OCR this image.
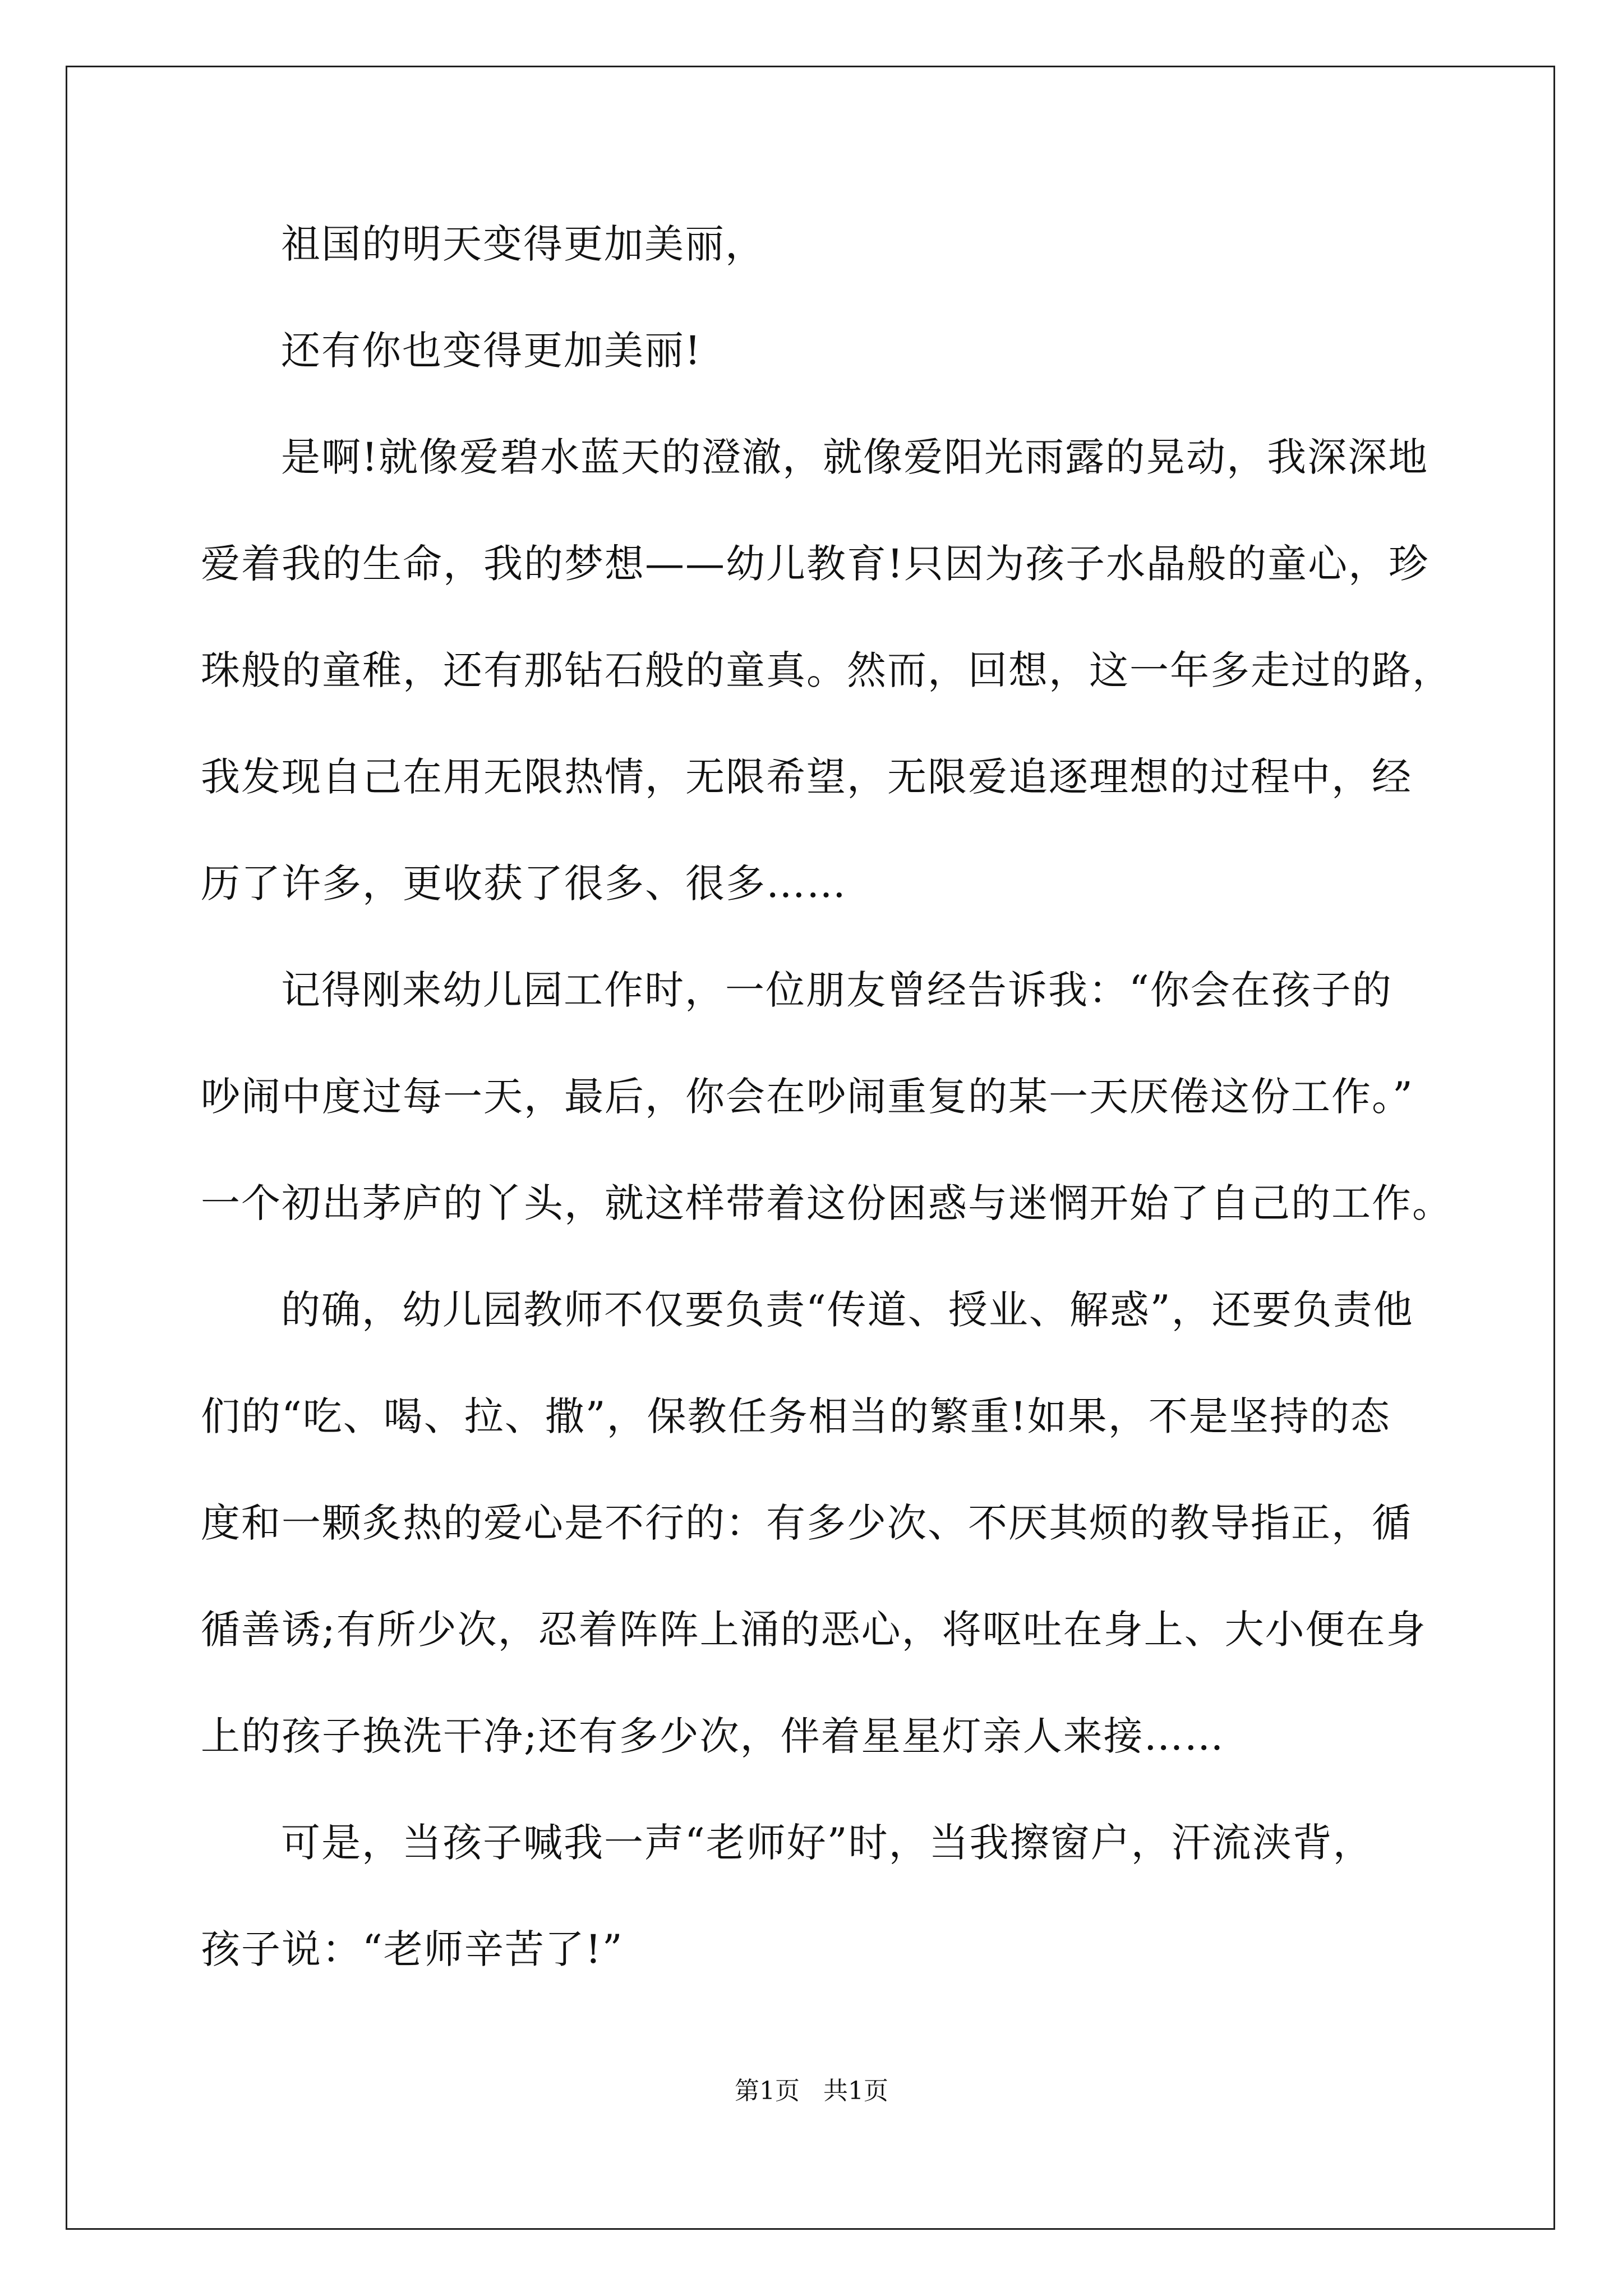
祖国的明天变得更加美丽，
还有你也变得更加美丽!
是啊!就像爱碧水蓝天的澄澈，就像爱阳光雨露的晃动，我深深地
爱着我的生命，我的梦想——幼儿教育!只因为孩子水晶般的童心，珍
珠般的童稚，还有那钻石般的童真。然而，回想，这一年多走过的路，
我发现自己在用无限热情，无限希望，无限爱追逐理想的过程中，经
历了许多，更收获了很多、很多……
记得刚来幼儿园工作时，一位朋友曾经告诉我：“你会在孩子的
吵闹中度过每一天，最后，你会在吵闹重复的某一天厌倦这份工作。”
一个初出茅庐的丫头，就这样带着这份困惑与迷惘开始了自己的工作。
的确，幼儿园教师不仅要负责“传道、授业、解惑”，还要负责他
们的“吃、喝、拉、撒”，保教任务相当的繁重!如果，不是坚持的态
度和一颗炙热的爱心是不行的：有多少次、不厌其烦的教导指正，循
循善诱;有所少次，忍着阵阵上涌的恶心，将呕吐在身上、大小便在身
上的孩子换洗干净;还有多少次，伴着星星灯亲人来接……
可是，当孩子喊我一声“老师好”时，当我擦窗户，汗流浃背，
孩子说：“老师辛苦了!”
第1页   共1页
